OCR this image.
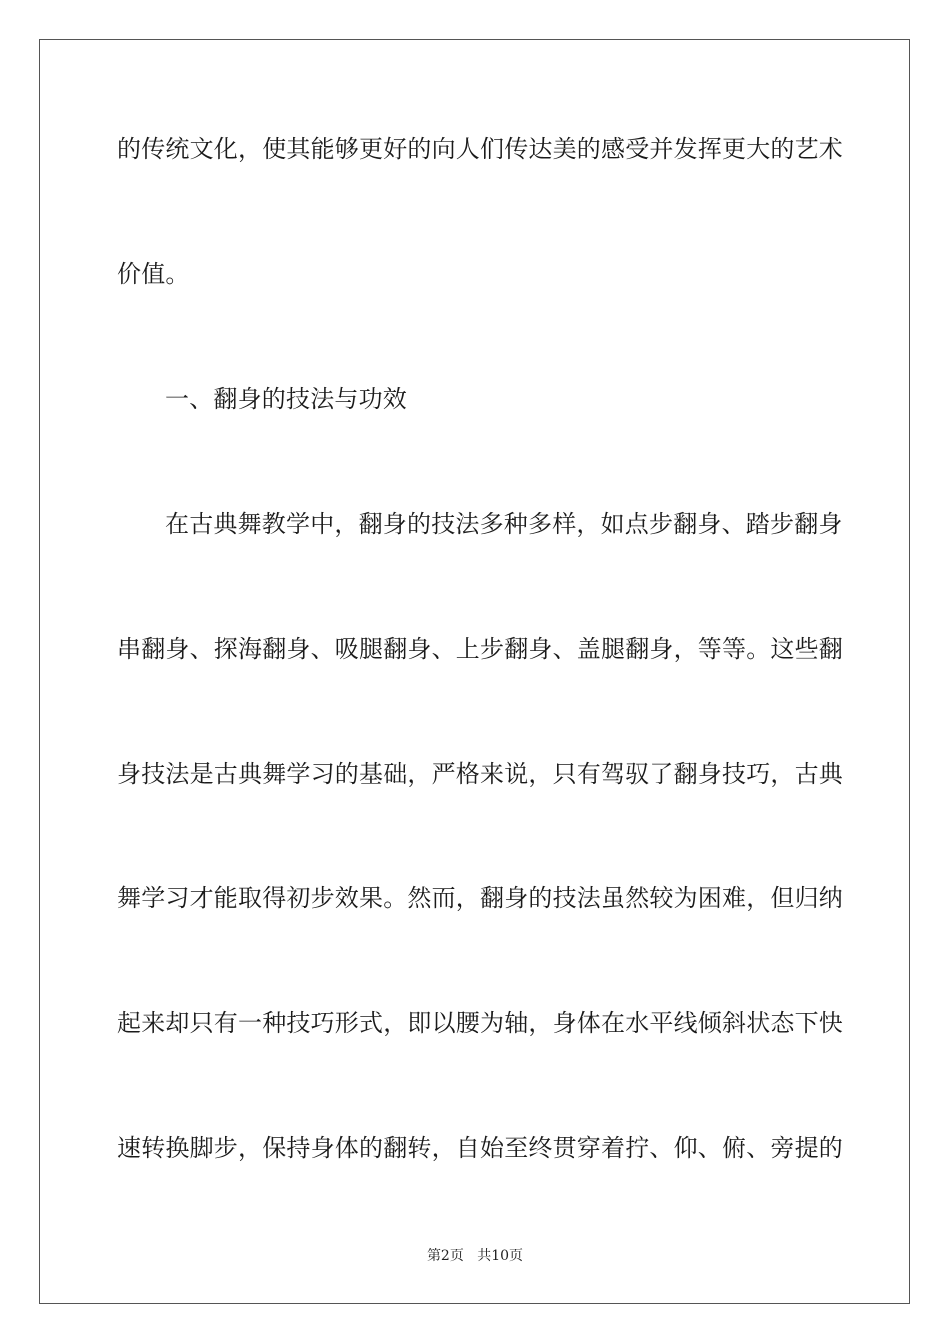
的传统文化，使其能够更好的向人们传达美的感受并发挥更大的艺术
价值。
一、翻身的技法与功效
在古典舞教学中，翻身的技法多种多样，如点步翻身、踏步翻身
串翻身、探海翻身、吸腿翻身、上步翻身、盖腿翻身，等等。这些翻
身技法是古典舞学习的基础，严格来说，只有驾驭了翻身技巧，古典
舞学习才能取得初步效果。然而，翻身的技法虽然较为困难，但归纳
起来却只有一种技巧形式，即以腰为轴，身体在水平线倾斜状态下快
速转换脚步，保持身体的翻转，自始至终贯穿着拧、仰、俯、旁提的
第2页 共10页
